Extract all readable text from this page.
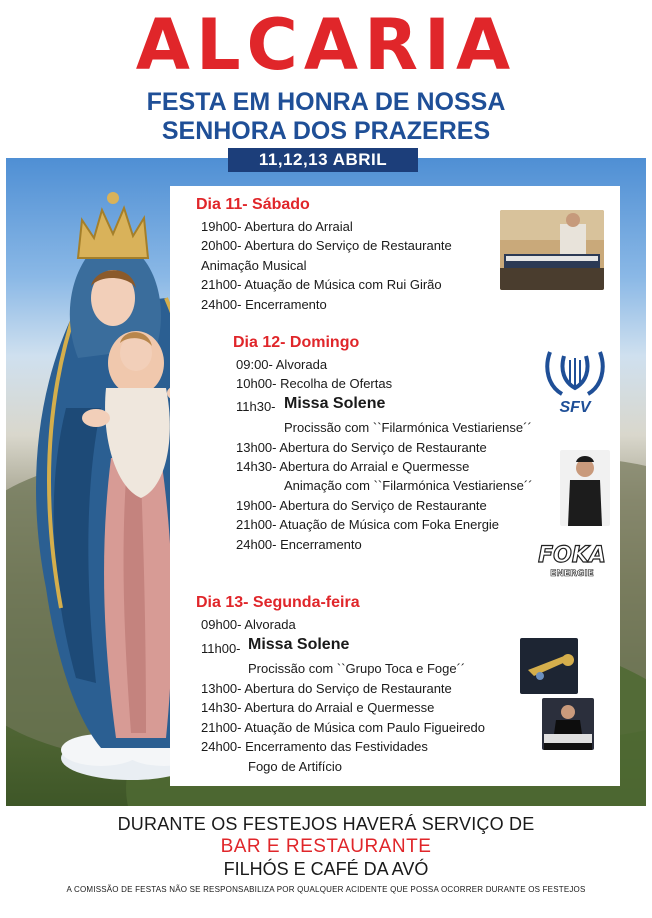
ALCARIA
FESTA EM HONRA DE NOSSA
SENHORA DOS PRAZERES
11,12,13 ABRIL
Dia 11- Sábado
19h00- Abertura do Arraial
20h00- Abertura do Serviço de Restaurante
Animação Musical
21h00- Atuação de Música com Rui Girão
24h00- Encerramento
Dia 12- Domingo
09:00- Alvorada
10h00- Recolha de Ofertas
11h30- Missa Solene
Procissão com ``Filarmónica Vestiariense´´
13h00- Abertura do Serviço de Restaurante
14h30- Abertura do Arraial e Quermesse
Animação com ``Filarmónica Vestiariense´´
19h00- Abertura do Serviço de Restaurante
21h00- Atuação de Música com Foka Energie
24h00- Encerramento
SFV
FOKA
ENERGIE
Dia 13- Segunda-feira
09h00- Alvorada
11h00- Missa Solene
Procissão com ``Grupo Toca e Foge´´
13h00- Abertura do Serviço de Restaurante
14h30- Abertura do Arraial e Quermesse
21h00- Atuação de Música com Paulo Figueiredo
24h00- Encerramento das Festividades
Fogo de Artifício
DURANTE OS FESTEJOS HAVERÁ SERVIÇO DE
BAR E RESTAURANTE
FILHÓS E CAFÉ DA AVÓ
A COMISSÃO DE FESTAS NÃO SE RESPONSABILIZA POR QUALQUER ACIDENTE QUE POSSA OCORRER DURANTE OS FESTEJOS
